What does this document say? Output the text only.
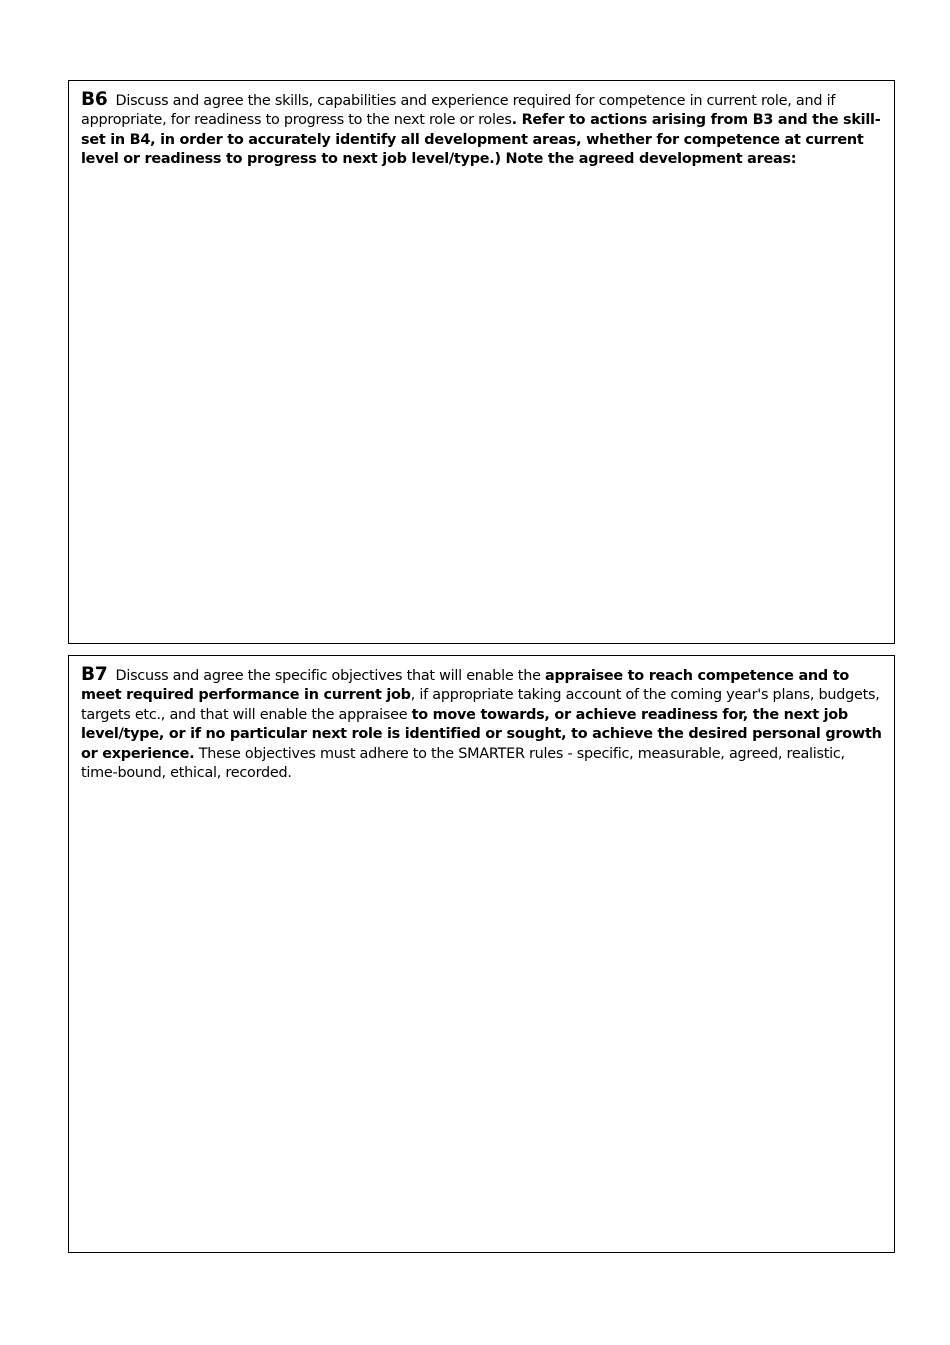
B6 Discuss and agree the skills, capabilities and experience required for competence in current role, and if appropriate, for readiness to progress to the next role or roles. Refer to actions arising from B3 and the skill-set in B4, in order to accurately identify all development areas, whether for competence at current level or readiness to progress to next job level/type.) Note the agreed development areas:

B7 Discuss and agree the specific objectives that will enable the appraisee to reach competence and to meet required performance in current job, if appropriate taking account of the coming year's plans, budgets, targets etc., and that will enable the appraisee to move towards, or achieve readiness for, the next job level/type, or if no particular next role is identified or sought, to achieve the desired personal growth or experience. These objectives must adhere to the SMARTER rules - specific, measurable, agreed, realistic, time-bound, ethical, recorded.
